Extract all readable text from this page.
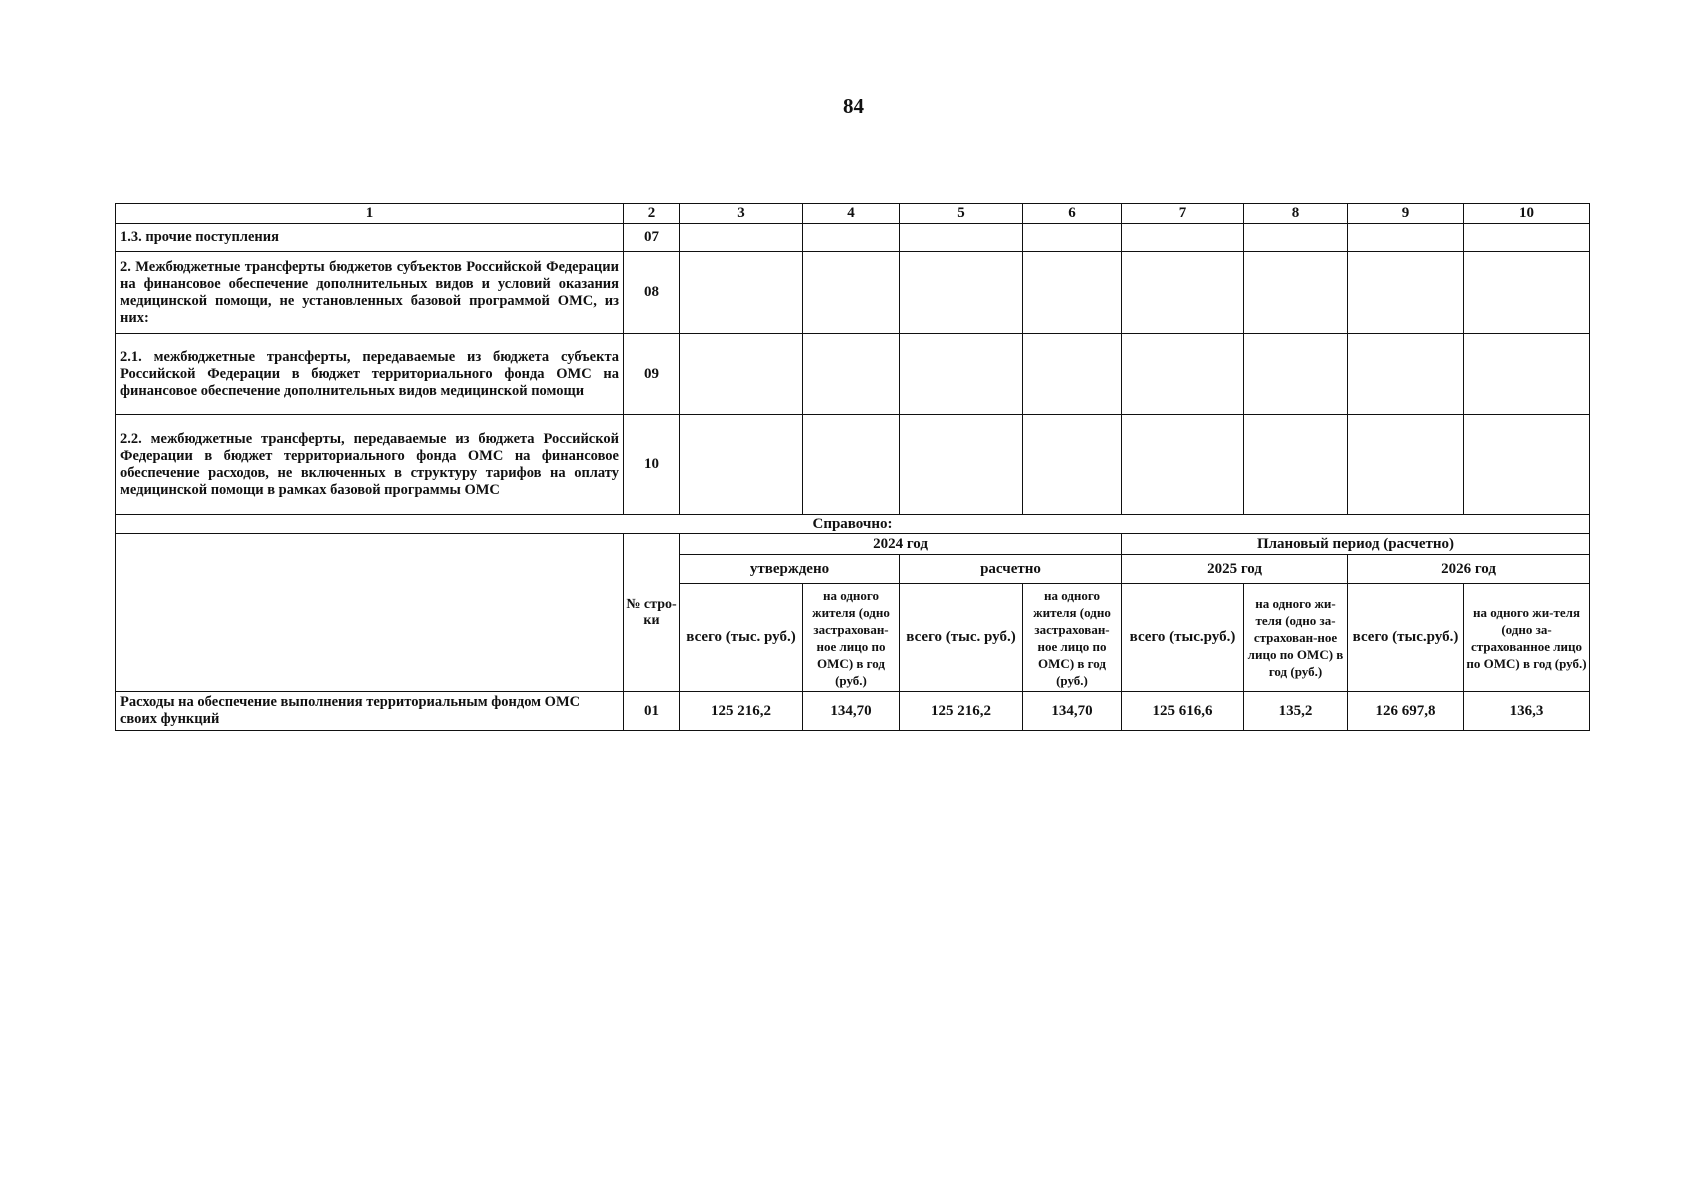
84
1	2	3	4	5	6	7	8	9	10
1.3. прочие поступления	07								
2. Межбюджетные трансферты бюджетов субъектов Российской Федерации на финансовое обеспечение дополнительных видов и условий оказания медицинской помощи, не установленных базовой программой ОМС, из них:	08								
2.1. межбюджетные трансферты, передаваемые из бюджета субъекта Российской Федерации в бюджет территориального фонда ОМС на финансовое обеспечение дополнительных видов медицинской помощи	09								
2.2. межбюджетные трансферты, передаваемые из бюджета Российской Федерации в бюджет территориального фонда ОМС на финансовое обеспечение расходов, не включенных в структуру тарифов на оплату медицинской помощи в рамках базовой программы ОМС	10								
Справочно:									
	№ стро-ки	2024 год				Плановый период (расчетно)			
		утверждено		расчетно		2025 год		2026 год	
		всего (тыс. руб.)	на одного жителя (одно застрахован-ное лицо по ОМС) в год (руб.)	всего (тыс. руб.)	на одного жителя (одно застрахован-ное лицо по ОМС) в год (руб.)	всего (тыс.руб.)	на одного жи-теля (одно за-страхован-ное лицо по ОМС) в год (руб.)	всего (тыс.руб.)	на одного жи-теля (одно за-страхованное лицо по ОМС) в год (руб.)
Расходы на обеспечение выполнения территориальным фондом ОМС своих функций	01	125 216,2	134,70	125 216,2	134,70	125 616,6	135,2	126 697,8	136,3
